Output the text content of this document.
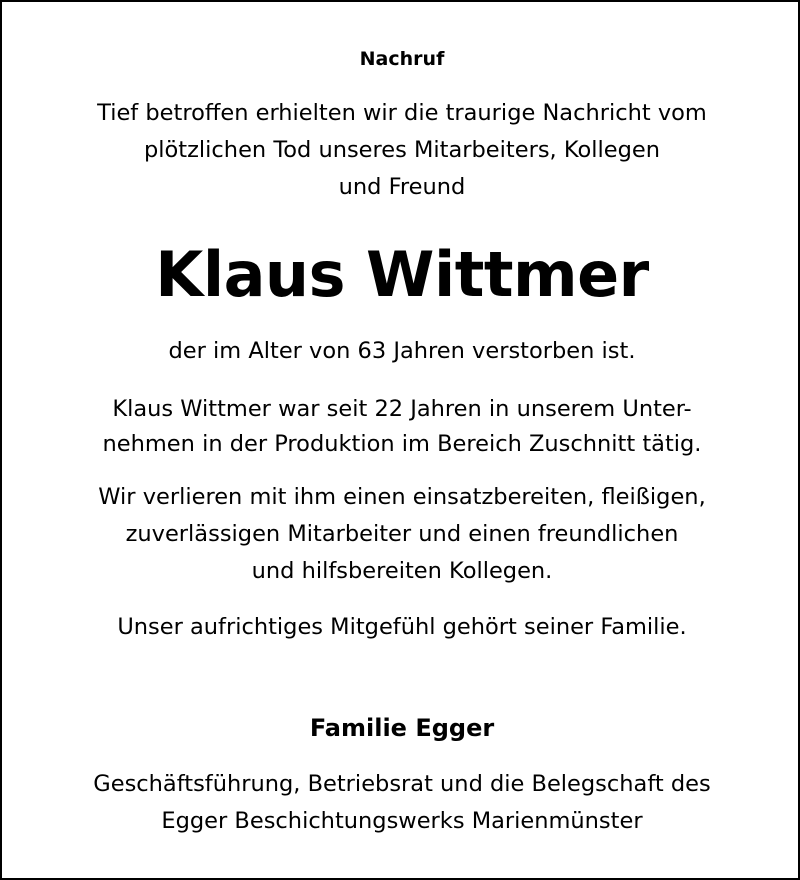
Nachruf
Tief betroffen erhielten wir die traurige Nachricht vom
plötzlichen Tod unseres Mitarbeiters, Kollegen
und Freund
Klaus Wittmer
der im Alter von 63 Jahren verstorben ist.
Klaus Wittmer war seit 22 Jahren in unserem Unter-
nehmen in der Produktion im Bereich Zuschnitt tätig.
Wir verlieren mit ihm einen einsatzbereiten, fleißigen,
zuverlässigen Mitarbeiter und einen freundlichen
und hilfsbereiten Kollegen.
Unser aufrichtiges Mitgefühl gehört seiner Familie.
Familie Egger
Geschäftsführung, Betriebsrat und die Belegschaft des
Egger Beschichtungswerks Marienmünster
